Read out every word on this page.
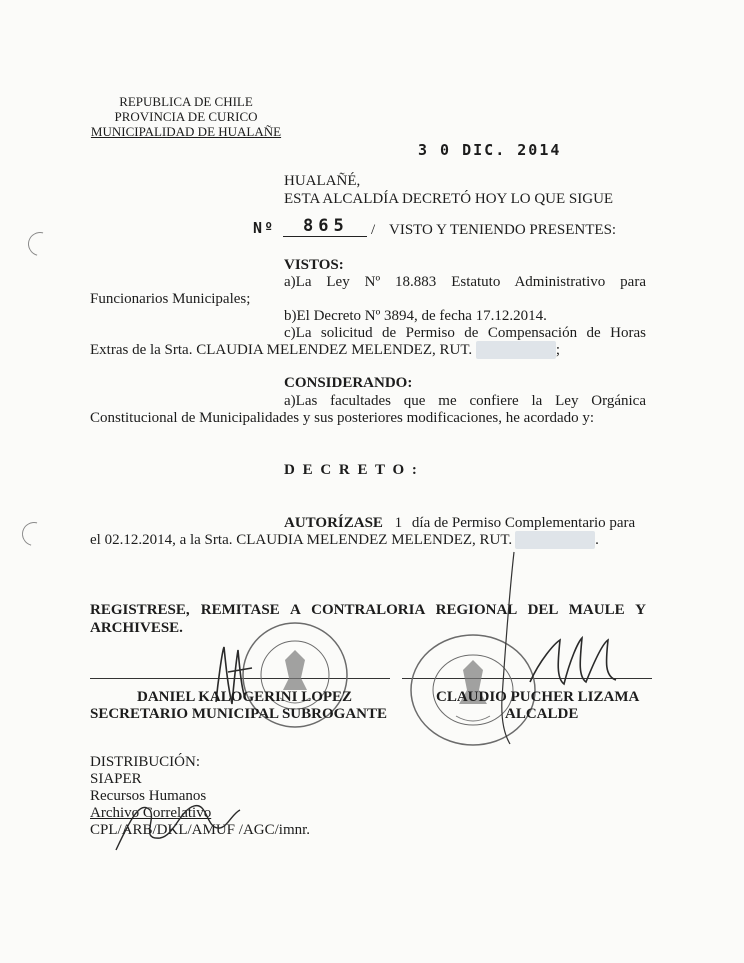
REPUBLICA DE CHILE
PROVINCIA DE CURICO
MUNICIPALIDAD DE HUALAÑE
3 0 DIC. 2014
HUALAÑÉ,
ESTA ALCALDÍA DECRETÓ HOY LO QUE SIGUE
Nº 865 / VISTO Y TENIENDO PRESENTES:
VISTOS:
a)La Ley Nº 18.883 Estatuto Administrativo para
Funcionarios Municipales;
b)El Decreto Nº 3894, de fecha 17.12.2014.
c)La solicitud de Permiso de Compensación de Horas
Extras de la Srta. CLAUDIA MELENDEZ MELENDEZ, RUT.	;
CONSIDERANDO:
a)Las facultades que me confiere la Ley Orgánica
Constitucional de Municipalidades y sus posteriores modificaciones, he acordado y:
D E C R E T O :
AUTORÍZASE 1 día de Permiso Complementario para
el 02.12.2014, a la Srta. CLAUDIA MELENDEZ MELENDEZ, RUT.	.
REGISTRESE, REMITASE A CONTRALORIA REGIONAL DEL MAULE Y
ARCHIVESE.
DANIEL KALOGERINI LOPEZ
SECRETARIO MUNICIPAL SUBROGANTE
CLAUDIO PUCHER LIZAMA
ALCALDE
DISTRIBUCIÓN:
SIAPER
Recursos Humanos
Archivo Correlativo
CPL/ARB/DKL/AMUF /AGC/imnr.
